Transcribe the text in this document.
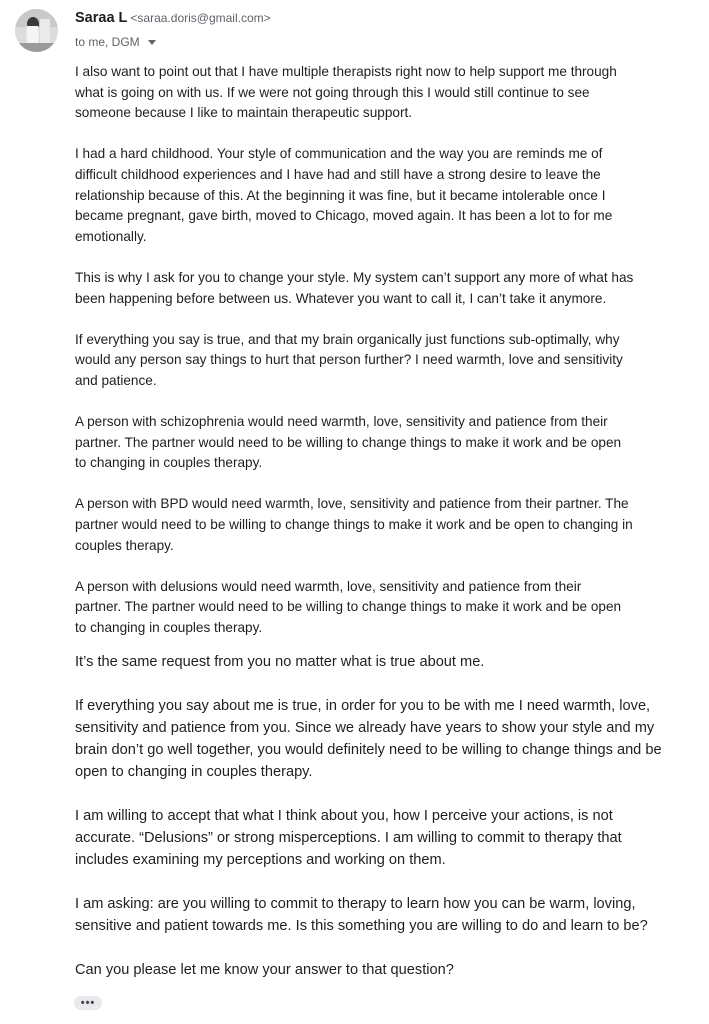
Saraa L <saraa.doris@gmail.com>
to me, DGM

I also want to point out that I have multiple therapists right now to help support me through
what is going on with us. If we were not going through this I would still continue to see
someone because I like to maintain therapeutic support.

I had a hard childhood. Your style of communication and the way you are reminds me of
difficult childhood experiences and I have had and still have a strong desire to leave the
relationship because of this. At the beginning it was fine, but it became intolerable once I
became pregnant, gave birth, moved to Chicago, moved again. It has been a lot to for me
emotionally.

This is why I ask for you to change your style. My system can’t support any more of what has
been happening before between us. Whatever you want to call it, I can’t take it anymore.

If everything you say is true, and that my brain organically just functions sub-optimally, why
would any person say things to hurt that person further? I need warmth, love and sensitivity
and patience.

A person with schizophrenia would need warmth, love, sensitivity and patience from their
partner. The partner would need to be willing to change things to make it work and be open
to changing in couples therapy.

A person with BPD would need warmth, love, sensitivity and patience from their partner. The
partner would need to be willing to change things to make it work and be open to changing in
couples therapy.

A person with delusions would need warmth, love, sensitivity and patience from their
partner. The partner would need to be willing to change things to make it work and be open
to changing in couples therapy.

It’s the same request from you no matter what is true about me.

If everything you say about me is true, in order for you to be with me I need warmth, love,
sensitivity and patience from you. Since we already have years to show your style and my
brain don’t go well together, you would definitely need to be willing to change things and be
open to changing in couples therapy.

I am willing to accept that what I think about you, how I perceive your actions, is not
accurate. “Delusions” or strong misperceptions. I am willing to commit to therapy that
includes examining my perceptions and working on them.

I am asking: are you willing to commit to therapy to learn how you can be warm, loving,
sensitive and patient towards me. Is this something you are willing to do and learn to be?

Can you please let me know your answer to that question?

•••
